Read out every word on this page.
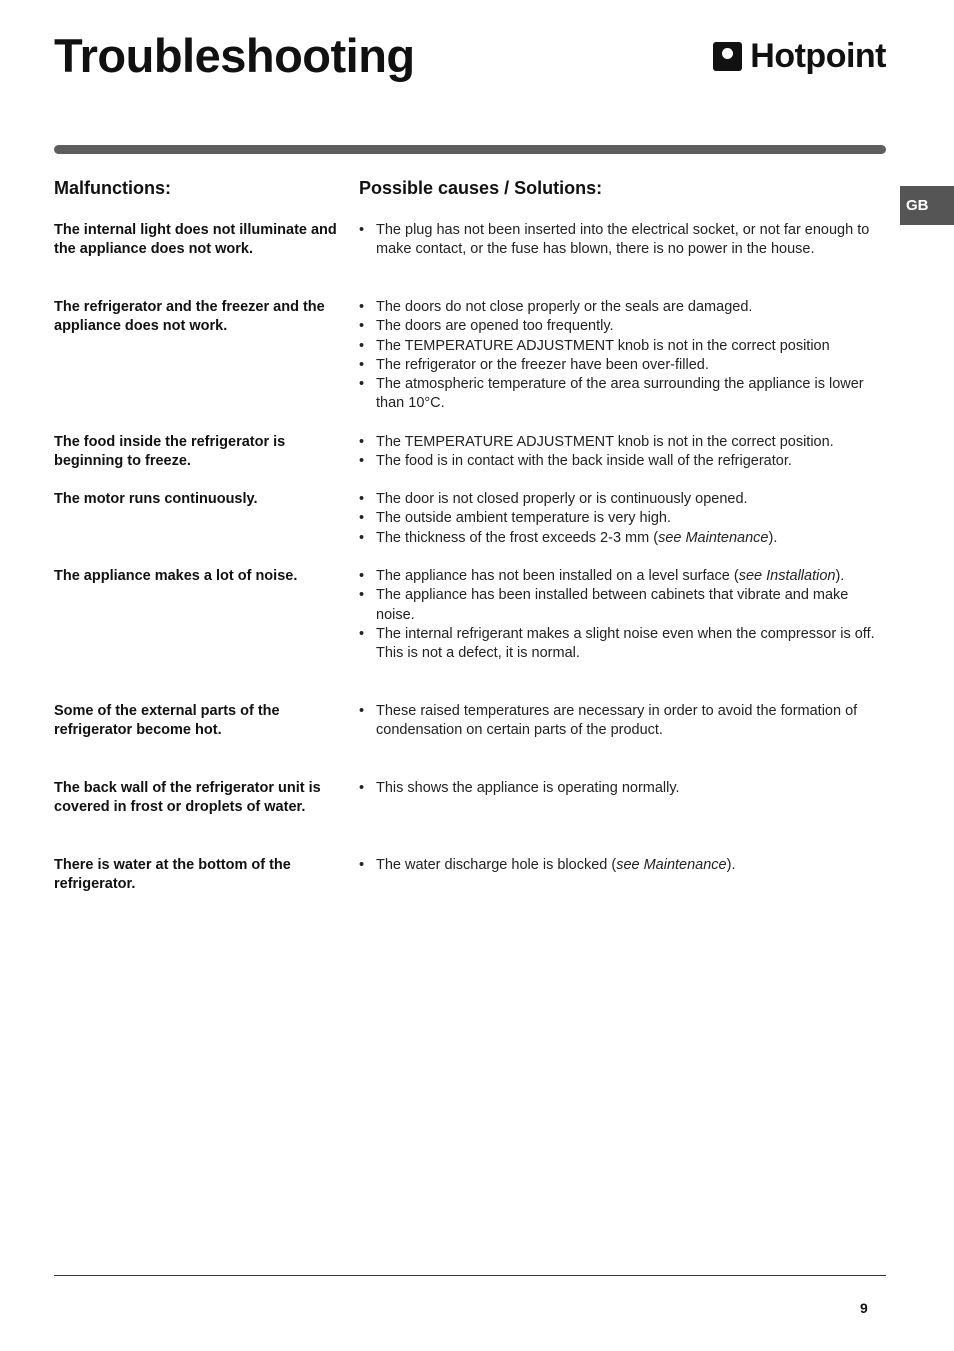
Troubleshooting	Hotpoint
GB
Malfunctions:	Possible causes / Solutions:
The internal light does not illuminate and the appliance does not work.
• The plug has not been inserted into the electrical socket, or not far enough to make contact, or the fuse has blown, there is no power in the house.
The refrigerator and the freezer and the appliance does not work.
• The doors do not close properly or the seals are damaged.
• The doors are opened too frequently.
• The TEMPERATURE ADJUSTMENT knob is not in the correct position
• The refrigerator or the freezer have been over-filled.
• The atmospheric temperature of the area surrounding the appliance is lower than 10°C.
The food inside the refrigerator is beginning to freeze.
• The TEMPERATURE ADJUSTMENT knob is not in the correct position.
• The food is in contact with the back inside wall of the refrigerator.
The motor runs continuously.	• The door is not closed properly or is continuously opened.
• The outside ambient temperature is very high.
• The thickness of the frost exceeds 2-3 mm (see Maintenance).
The appliance makes a lot of noise.	• The appliance has not been installed on a level surface (see Installation).
• The appliance has been installed between cabinets that vibrate and make noise.
• The internal refrigerant makes a slight noise even when the compressor is off. This is not a defect, it is normal.
Some of the external parts of the refrigerator become hot.
• These raised temperatures are necessary in order to avoid the formation of condensation on certain parts of the product.
The back wall of the refrigerator unit is covered in frost or droplets of water.
• This shows the appliance is operating normally.
There is water at the bottom of the refrigerator.
• The water discharge hole is blocked (see Maintenance).
9
